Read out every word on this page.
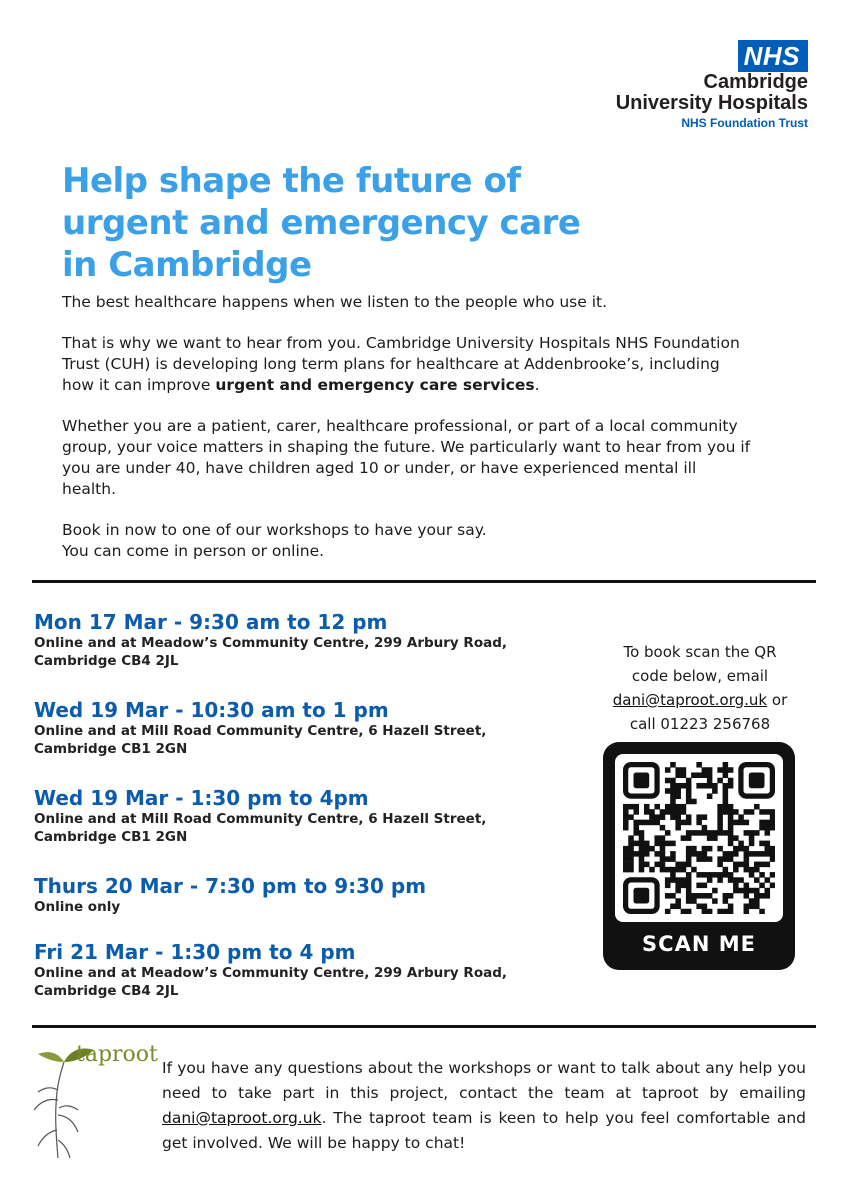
NHS
Cambridge
University Hospitals
NHS Foundation Trust
Help shape the future of urgent and emergency care in Cambridge

The best healthcare happens when we listen to the people who use it.

That is why we want to hear from you. Cambridge University Hospitals NHS Foundation Trust (CUH) is developing long term plans for healthcare at Addenbrooke’s, including how it can improve urgent and emergency care services.

Whether you are a patient, carer, healthcare professional, or part of a local community group, your voice matters in shaping the future. We particularly want to hear from you if you are under 40, have children aged 10 or under, or have experienced mental ill health.

Book in now to one of our workshops to have your say.
You can come in person or online.

Mon 17 Mar - 9:30 am to 12 pm
Online and at Meadow’s Community Centre, 299 Arbury Road,
Cambridge CB4 2JL
Wed 19 Mar - 10:30 am to 1 pm
Online and at Mill Road Community Centre, 6 Hazell Street,
Cambridge CB1 2GN
Wed 19 Mar - 1:30 pm to 4pm
Online and at Mill Road Community Centre, 6 Hazell Street,
Cambridge CB1 2GN
Thurs 20 Mar - 7:30 pm to 9:30 pm
Online only
Fri 21 Mar - 1:30 pm to 4 pm
Online and at Meadow’s Community Centre, 299 Arbury Road,
Cambridge CB4 2JL
To book scan the QR
code below, email
dani@taproot.org.uk or
call 01223 256768
SCAN ME
taproot
If you have any questions about the workshops or want to talk about any help you need to take part in this project, contact the team at taproot by emailing dani@taproot.org.uk. The taproot team is keen to help you feel comfortable and get involved. We will be happy to chat!
